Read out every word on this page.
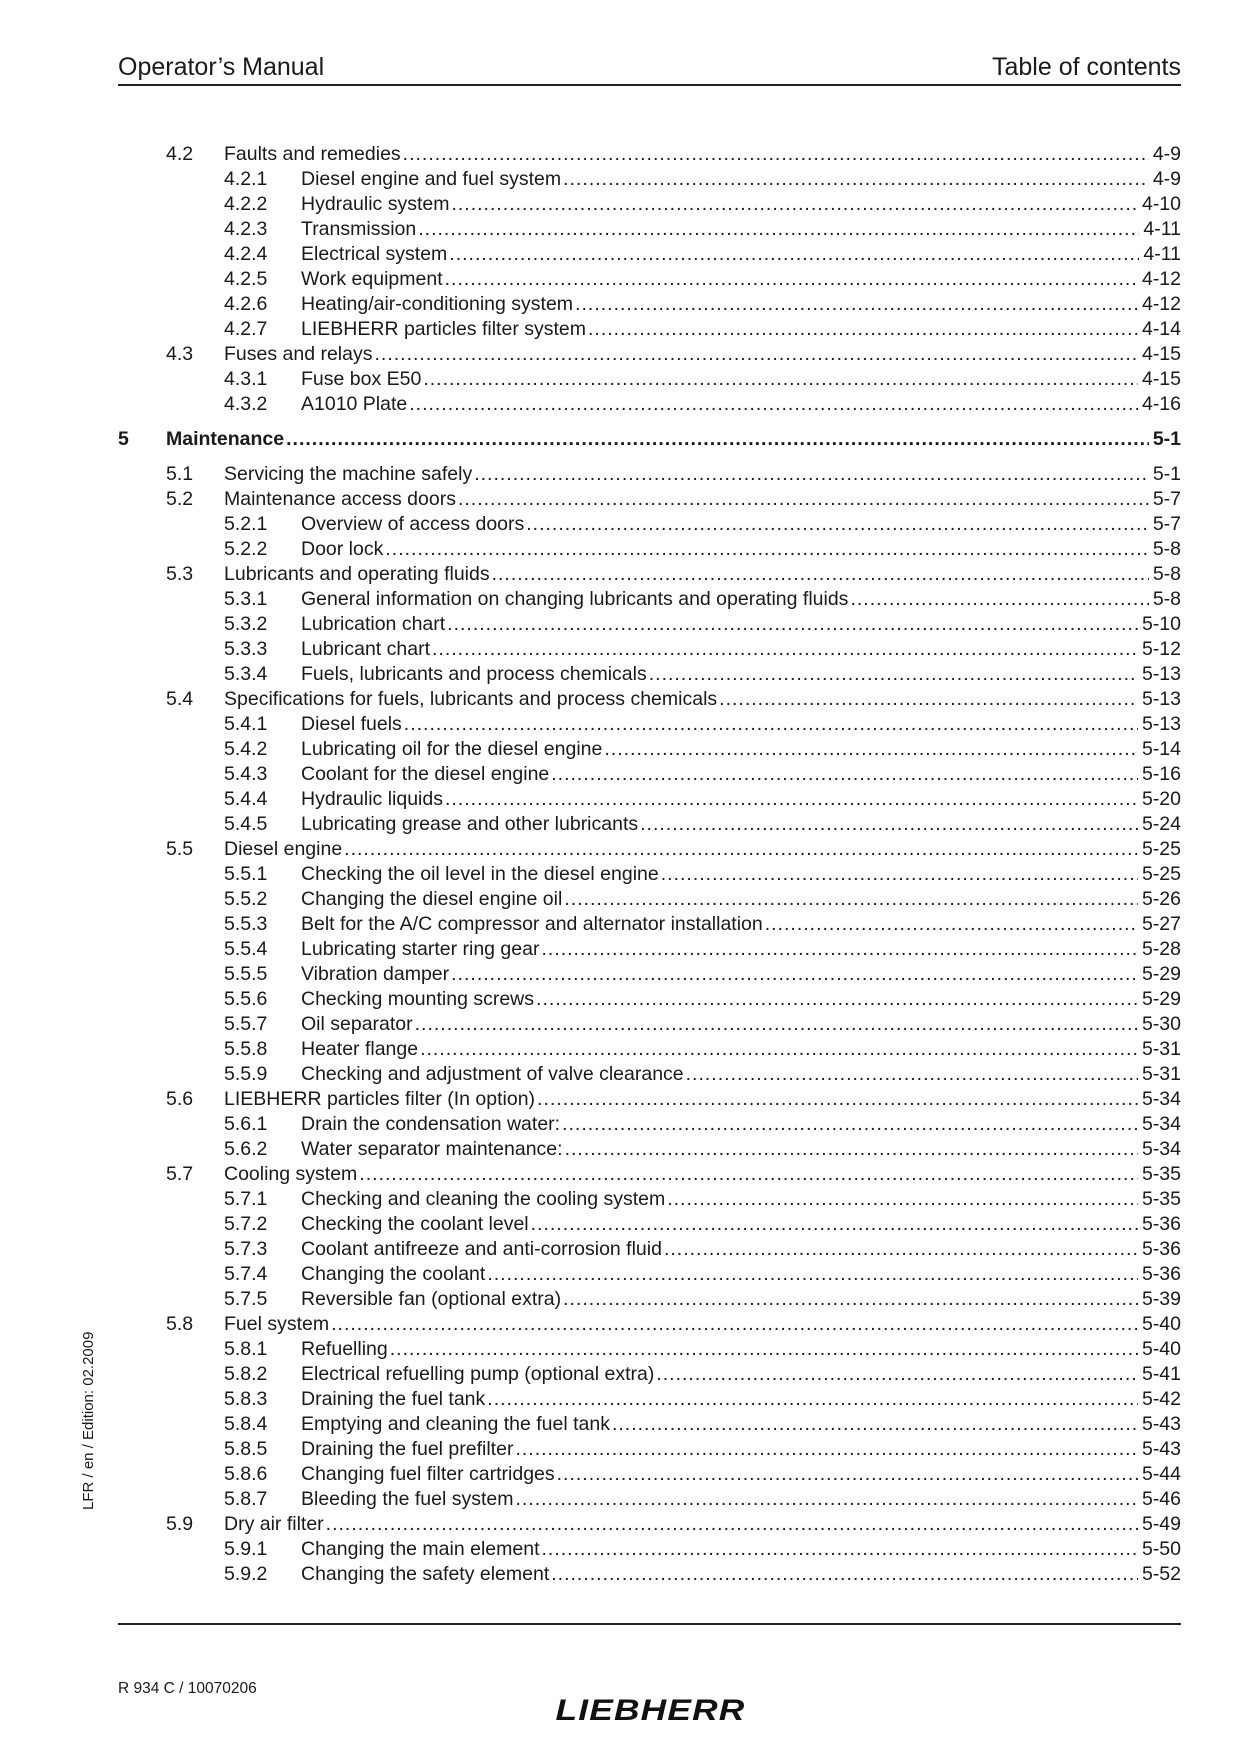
Operator’s Manual	Table of contents
4.2 Faults and remedies .....	4-9
4.2.1 Diesel engine and fuel system .....	4-9
4.2.2 Hydraulic system .....	4-10
4.2.3 Transmission .....	4-11
4.2.4 Electrical system .....	4-11
4.2.5 Work equipment .....	4-12
4.2.6 Heating/air-conditioning system .....	4-12
4.2.7 LIEBHERR particles filter system .....	4-14
4.3 Fuses and relays .....	4-15
4.3.1 Fuse box E50 .....	4-15
4.3.2 A1010 Plate .....	4-16
5 Maintenance .....	5-1
5.1 Servicing the machine safely .....	5-1
5.2 Maintenance access doors .....	5-7
5.2.1 Overview of access doors .....	5-7
5.2.2 Door lock .....	5-8
5.3 Lubricants and operating fluids .....	5-8
5.3.1 General information on changing lubricants and operating fluids .....	5-8
5.3.2 Lubrication chart .....	5-10
5.3.3 Lubricant chart .....	5-12
5.3.4 Fuels, lubricants and process chemicals .....	5-13
5.4 Specifications for fuels, lubricants and process chemicals .....	5-13
5.4.1 Diesel fuels .....	5-13
5.4.2 Lubricating oil for the diesel engine .....	5-14
5.4.3 Coolant for the diesel engine .....	5-16
5.4.4 Hydraulic liquids .....	5-20
5.4.5 Lubricating grease and other lubricants .....	5-24
5.5 Diesel engine .....	5-25
5.5.1 Checking the oil level in the diesel engine .....	5-25
5.5.2 Changing the diesel engine oil .....	5-26
5.5.3 Belt for the A/C compressor and alternator installation .....	5-27
5.5.4 Lubricating starter ring gear .....	5-28
5.5.5 Vibration damper .....	5-29
5.5.6 Checking mounting screws .....	5-29
5.5.7 Oil separator .....	5-30
5.5.8 Heater flange .....	5-31
5.5.9 Checking and adjustment of valve clearance .....	5-31
5.6 LIEBHERR particles filter (In option) .....	5-34
5.6.1 Drain the condensation water: .....	5-34
5.6.2 Water separator maintenance: .....	5-34
5.7 Cooling system .....	5-35
5.7.1 Checking and cleaning the cooling system .....	5-35
5.7.2 Checking the coolant level .....	5-36
5.7.3 Coolant antifreeze and anti-corrosion fluid .....	5-36
5.7.4 Changing the coolant .....	5-36
5.7.5 Reversible fan (optional extra) .....	5-39
5.8 Fuel system .....	5-40
5.8.1 Refuelling .....	5-40
5.8.2 Electrical refuelling pump (optional extra) .....	5-41
5.8.3 Draining the fuel tank .....	5-42
5.8.4 Emptying and cleaning the fuel tank .....	5-43
5.8.5 Draining the fuel prefilter .....	5-43
5.8.6 Changing fuel filter cartridges .....	5-44
5.8.7 Bleeding the fuel system .....	5-46
5.9 Dry air filter .....	5-49
5.9.1 Changing the main element .....	5-50
5.9.2 Changing the safety element .....	5-52
LFR / en / Edition: 02.2009
R 934 C / 10070206
LIEBHERR
